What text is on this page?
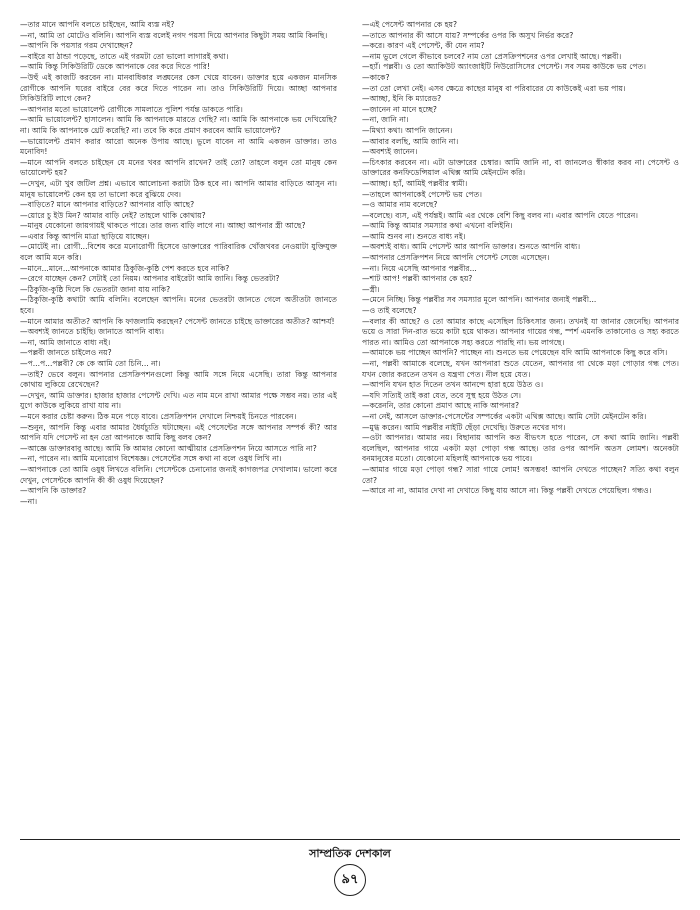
—তার মানে আপনি বলতে চাইছেন, আমি ব্যস্ত নই?

—না, আমি তা মোটেও বলিনি। আপনি ব্যস্ত বলেই নগদ পয়সা দিয়ে আপনার কিছুটা সময় আমি কিনছি।

—আপনি কি পয়সার গরম দেখাচ্ছেন?

—বাইরে যা ঠান্ডা পড়েছে, তাতে এই গরমটা তো ভালো লাগারই কথা।

—আমি কিন্তু সিকিউরিটি ডেকে আপনাকে বের করে দিতে পারি!

—উহুঁ এই কাজটি করবেন না। মানবাধিকার লঙ্ঘনের কেস খেয়ে যাবেন। ডাক্তার হয়ে একজন মানসিক রোগীকে আপনি ঘরের বাইরে বের করে দিতে পারেন না। তাও সিকিউরিটি দিয়ে। আচ্ছা আপনার সিকিউরিটি লাগে কেন?

—আপনার মতো ভায়োলেন্ট রোগীকে সামলাতে পুলিশ পর্যন্ত ডাকতে পারি।

—আমি ভায়োলেন্ট? হাসালেন। আমি কি আপনাকে মারতে গেছি? না। আমি কি আপনাকে ভয় দেখিয়েছি? না। আমি কি আপনাকে থ্রেট করেছি? না। তবে কি করে প্রমাণ করবেন আমি ভায়োলেন্ট?

—ভায়োলেন্ট প্রমাণ করার আরো অনেক উপায় আছে। ভুলে যাবেন না আমি একজন ডাক্তার। তাও মনোবিদ!

—মানে আপনি বলতে চাইছেন যে মনের খবর আপনি রাখেন? তাই তো? তাহলে বলুন তো মানুষ কেন ভায়োলেন্ট হয়?

—দেখুন, এটা খুব জটিল প্রশ্ন। এভাবে আলোচনা করাটা ঠিক হবে না। আপনি আমার বাড়িতে আসুন না। মানুষ ভায়োলেন্ট কেন হয় তা ভালো করে বুঝিয়ে দেব।

—বাড়িতে? মানে আপনার বাড়িতে? আপনার বাড়ি আছে?

—য়োরে চু ইউ মিন? আমার বাড়ি নেই? তাহলে থাকি কোথায়?

—মানুষ যেকোনো জায়গায়ই থাকতে পারে। তার জন্য বাড়ি লাগে না। আচ্ছা আপনার স্ত্রী আছে?

—এবার কিন্তু আপনি মাত্রা ছাড়িয়ে যাচ্ছেন।

—মোটেই না। রোগী...বিশেষ করে মনোরোগী হিসেবে ডাক্তারের পারিবারিক খোঁজখবর নেওয়াটা যুক্তিযুক্ত বলে আমি মনে করি।

—মানে...মানে...আপনাকে আমার ঠিকুজি-কুষ্ঠি পেশ করতে হবে নাকি?

—রেগে যাচ্ছেন কেন? সেটাই তো নিয়ম। আপনার বাইরেটা আমি জানি। কিন্তু ভেতরটা?

—ঠিকুজি-কুষ্ঠি দিলে কি ভেতরটা জানা যায় নাকি?

—ঠিকুজি-কুষ্ঠি কথাটা আমি বলিনি। বলেছেন আপনি। মনের ভেতরটা জানতে গেলে অতীতটা জানতে হবে।

—মানে আমার অতীত? আপনি কি ফাজলামি করছেন? পেসেন্ট জানতে চাইছে ডাক্তারের অতীত? আশ্চর্য!

—অবশ্যই জানতে চাইছি। জানাতে আপনি বাধ্য।

—না, আমি জানাতে বাধ্য নই।

—পল্লবী জানতে চাইলেও নয়?

—প...প...পল্লবী? কে কে আমি তো চিনি... না।

—তাই? ভেবে বলুন। আপনার প্রেসক্রিপশনগুলো কিন্তু আমি সঙ্গে নিয়ে এসেছি। তারা কিন্তু আপনার কোথায় লুকিয়ে রেখেছেন?

—দেখুন, আমি ডাক্তার। হাজার হাজার পেসেন্ট দেখি। এত নাম মনে রাখা আমার পক্ষে সম্ভব নয়। তার এই যুগে কাউকে লুকিয়ে রাখা যায় না।

—মনে করার চেষ্টা করুন। ঠিক মনে পড়ে যাবে। প্রেসক্রিপশন দেখালে নিশ্চয়ই চিনতে পারবেন।

—শুনুন, আপনি কিন্তু এবার আমার ধৈর্যচ্যুতি ঘটাচ্ছেন। এই পেসেন্টের সঙ্গে আপনার সম্পর্ক কী? আর আপনি যদি পেসেন্ট না হন তো আপনাকে আমি কিছু বলব কেন?

—আজ্ঞে ডাক্তারবাবু আছে। আমি কি আমার কোনো আত্মীয়ার প্রেসক্রিপশন নিয়ে আসতে পারি না?

—না, পারেন না। আমি মনোরোগ বিশেষজ্ঞ। পেসেন্টের সঙ্গে কথা না বলে ওষুধ লিখি না।

—আপনাকে তো আমি ওষুধ লিখতে বলিনি। পেসেন্টকে চেনানোর জন্যই কাগজপত্র দেখালাম। ভালো করে দেখুন, পেসেন্টকে আপনি কী কী ওষুধ দিয়েছেন?

—আপনি কি ডাক্তার?

—না।

—এই পেসেন্ট আপনার কে হয়?

—তাতে আপনার কী আসে যায়? সম্পর্কের ওপর কি অসুখ নির্ভর করে?

—করে। কারণ এই পেসেন্ট, কী যেন নাম?

—নাম ভুলে গেলে কীভাবে চলবে? নাম তো প্রেসক্রিপশনের ওপর লেখাই আছে। পল্লবী।

—হ্যাঁ। পল্লবী। ও তো অ্যাকিউট অ্যাংজাইটি নিউরোসিসের পেসেন্ট। সব সময় কাউকে ভয় পেত।

—কাকে?

—তা তো লেখা নেই। এসব ক্ষেত্রে কাছের মানুষ বা পরিবারের যে কাউকেই এরা ভয় পায়।

—আচ্ছা, ইনি কি ম্যারেড?

—জানেন না মানে হচ্ছে?

—না, জানি না।

—মিথ্যা কথা। আপনি জানেন।

—আবার বলছি, আমি জানি না।

—অবশ্যই জানেন।

—চিৎকার করবেন না। এটা ডাক্তারের চেম্বার। আমি জানি না, বা জানলেও স্বীকার করব না। পেসেন্ট ও ডাক্তারের কনফিডেন্সিয়াল এথিক্স আমি মেইনটেন করি।

—আচ্ছা। হ্যাঁ, আমিই পল্লবীর স্বামী।

—তাহলে আপনাকেই পেসেন্ট ভয় পেত।

—ও আমার নাম বলেছে?

—বলেছে। ব্যস, এই পর্যন্তই। আমি এর থেকে বেশি কিছু বলব না। এবার আপনি যেতে পারেন।

—আমি কিন্তু আমার সমস্যার কথা এখনো বলিইনি।

—আমি শুনব না। শুনতে বাধ্য নই।

—অবশ্যই বাধ্য। আমি পেসেন্ট আর আপনি ডাক্তার। শুনতে আপনি বাধ্য।

—আপনার প্রেসক্রিপশন নিয়ে আপনি পেসেন্ট সেজে এসেছেন।

—না। নিয়ে এসেছি আপনার পল্লবীর...

—শাট আপ! পল্লবী আপনার কে হয়?

—স্ত্রী।

—মেনে নিচ্ছি। কিন্তু পল্লবীর সব সমস্যার মূলে আপনি। আপনার জন্যই পল্লবী...

—ও তাই বলেছে?

—বলার কী আছে? ও তো আমার কাছে এসেছিল চিকিৎসার জন্য। তখনই যা জানার জেনেছি। আপনার ভয়ে ও সারা দিন-রাত ভয়ে কাটা হয়ে থাকত। আপনার গায়ের গন্ধ, স্পর্শ এমনকি তাকানোও ও সহ্য করতে পারত না। আমিও তো আপনাকে সহ্য করতে পারছি না। ভয় লাগছে।

—আমাকে ভয় পাচ্ছেন আপনি? পাচ্ছেন না। শুনতে ভয় পেয়েছেন যদি আমি আপনাকে কিছু করে বসি।

—না, পল্লবী আমাকে বলেছে, যখন আপনারা শুতে যেতেন, আপনার গা থেকে মড়া পোড়ার গন্ধ পেত। যখন জোর করতেন তখন ও যন্ত্রণা পেত। নীল হয়ে যেত।

—আপনি যখন হাত দিতেন তখন আনন্দে হারা হয়ে উঠত ও।

—যদি সত্যিই তাই করা যেত, তবে সুস্থ হয়ে উঠত সে।

—করেননি, তার কোনো প্রমাণ আছে নাকি আপনার?

—না নেই, আসলে ডাক্তার-পেসেন্টের সম্পর্কের একটা এথিক্স আছে। আমি সেটা মেইনটেন করি।

—মুগ্ধ করেন। আমি পল্লবীর নাইটি ছেঁড়া দেখেছি। উরুতে নখের দাগ।

—ওটা আপনার। আমার নয়। বিছানায় আপনি কত বীভৎস হতে পারেন, সে কথা আমি জানি। পল্লবী বলেছিল, আপনার গায়ে একটা মড়া পোড়া গন্ধ আছে। তার ওপর আপনি অতস লোমশ। অনেকটা বনমানুষের মতো। যেকোনো মহিলাই আপনাকে ভয় পাবে।

—আমার গায়ে মড়া পোড়া গন্ধ? সারা গায়ে লোম! অসম্ভব! আপনি দেখতে পাচ্ছেন? সত্যি কথা বলুন তো?

—আরে না না, আমার দেখা না দেখাতে কিছু যায় আসে না। কিন্তু পল্লবী দেখতে পেয়েছিল। গন্ধও।

সাম্প্রতিক দেশকাল
৯৭
